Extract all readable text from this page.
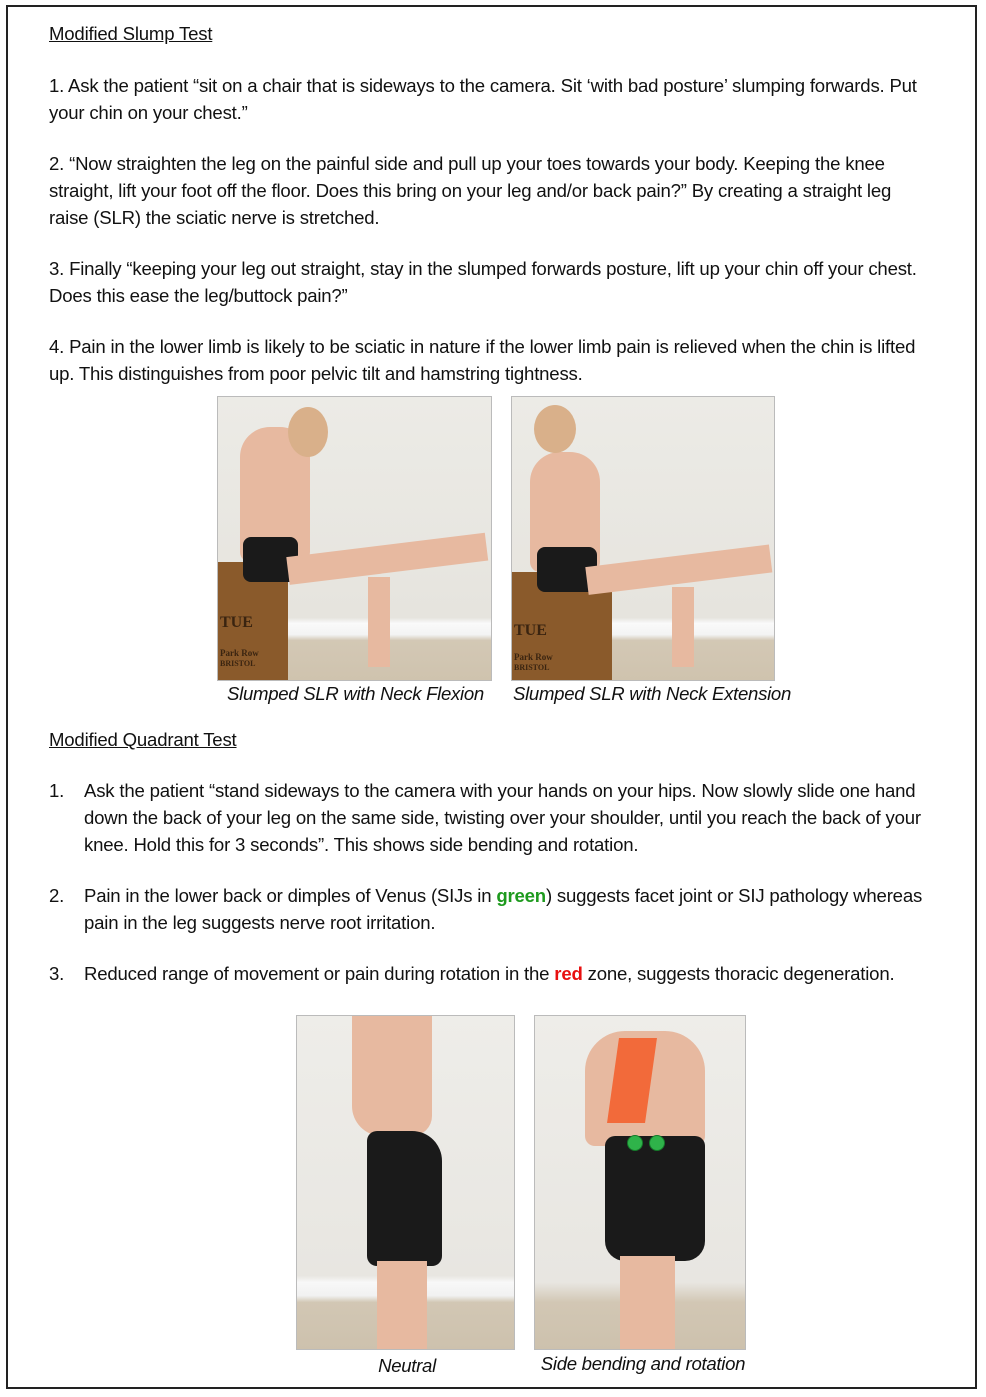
Modified Slump Test

1. Ask the patient “sit on a chair that is sideways to the camera. Sit ‘with bad posture’ slumping forwards. Put your chin on your chest.”

2. “Now straighten the leg on the painful side and pull up your toes towards your body. Keeping the knee straight, lift your foot off the floor. Does this bring on your leg and/or back pain?” By creating a straight leg raise (SLR) the sciatic nerve is stretched.

3. Finally “keeping your leg out straight, stay in the slumped forwards posture, lift up your chin off your chest. Does this ease the leg/buttock pain?”

4. Pain in the lower limb is likely to be sciatic in nature if the lower limb pain is relieved when the chin is lifted up. This distinguishes from poor pelvic tilt and hamstring tightness.

TUE
Park Row
BRISTOL
TUE
Park Row
BRISTOL
Slumped SLR with Neck Flexion	Slumped SLR with Neck Extension

Modified Quadrant Test

1. Ask the patient “stand sideways to the camera with your hands on your hips. Now slowly slide one hand down the back of your leg on the same side, twisting over your shoulder, until you reach the back of your knee. Hold this for 3 seconds”. This shows side bending and rotation.
2. Pain in the lower back or dimples of Venus (SIJs in green) suggests facet joint or SIJ pathology whereas pain in the leg suggests nerve root irritation.
3. Reduced range of movement or pain during rotation in the red zone, suggests thoracic degeneration.
Neutral	Side bending and rotation
